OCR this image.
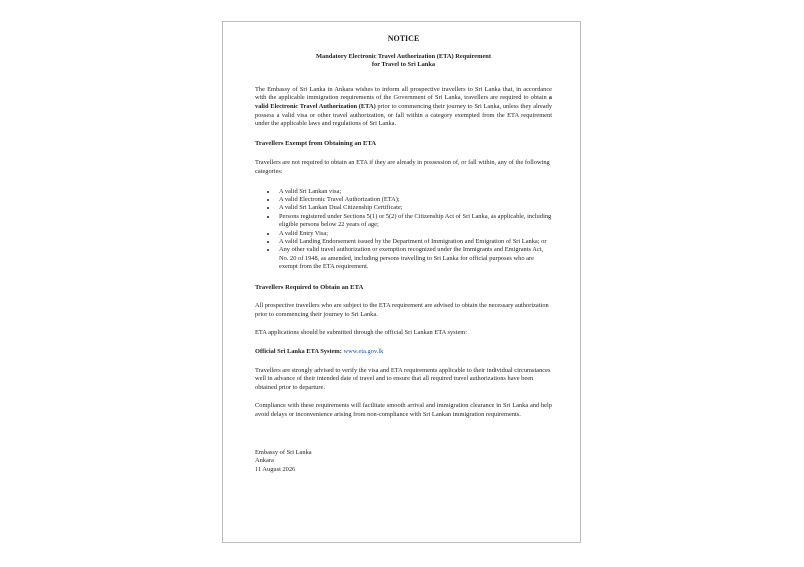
NOTICE

Mandatory Electronic Travel Authorization (ETA) Requirement
for Travel to Sri Lanka

The Embassy of Sri Lanka in Ankara wishes to inform all prospective travellers to Sri Lanka that, in accordance with the applicable immigration requirements of the Government of Sri Lanka, travellers are required to obtain a valid Electronic Travel Authorization (ETA) prior to commencing their journey to Sri Lanka, unless they already possess a valid visa or other travel authorization, or fall within a category exempted from the ETA requirement under the applicable laws and regulations of Sri Lanka.

Travellers Exempt from Obtaining an ETA

Travellers are not required to obtain an ETA if they are already in possession of, or fall within, any of the following categories:

• A valid Sri Lankan visa;
• A valid Electronic Travel Authorization (ETA);
• A valid Sri Lankan Dual Citizenship Certificate;
• Persons registered under Sections 5(1) or 5(2) of the Citizenship Act of Sri Lanka, as applicable, including eligible persons below 22 years of age;
• A valid Entry Visa;
• A valid Landing Endorsement issued by the Department of Immigration and Emigration of Sri Lanka; or
• Any other valid travel authorization or exemption recognized under the Immigrants and Emigrants Act, No. 20 of 1948, as amended, including persons travelling to Sri Lanka for official purposes who are exempt from the ETA requirement.

Travellers Required to Obtain an ETA

All prospective travellers who are subject to the ETA requirement are advised to obtain the necessary authorization prior to commencing their journey to Sri Lanka.

ETA applications should be submitted through the official Sri Lankan ETA system:

Official Sri Lanka ETA System: www.eta.gov.lk

Travellers are strongly advised to verify the visa and ETA requirements applicable to their individual circumstances well in advance of their intended date of travel and to ensure that all required travel authorizations have been obtained prior to departure.

Compliance with these requirements will facilitate smooth arrival and immigration clearance in Sri Lanka and help avoid delays or inconvenience arising from non-compliance with Sri Lankan immigration requirements.

Embassy of Sri Lanka

Ankara

11 August 2026
